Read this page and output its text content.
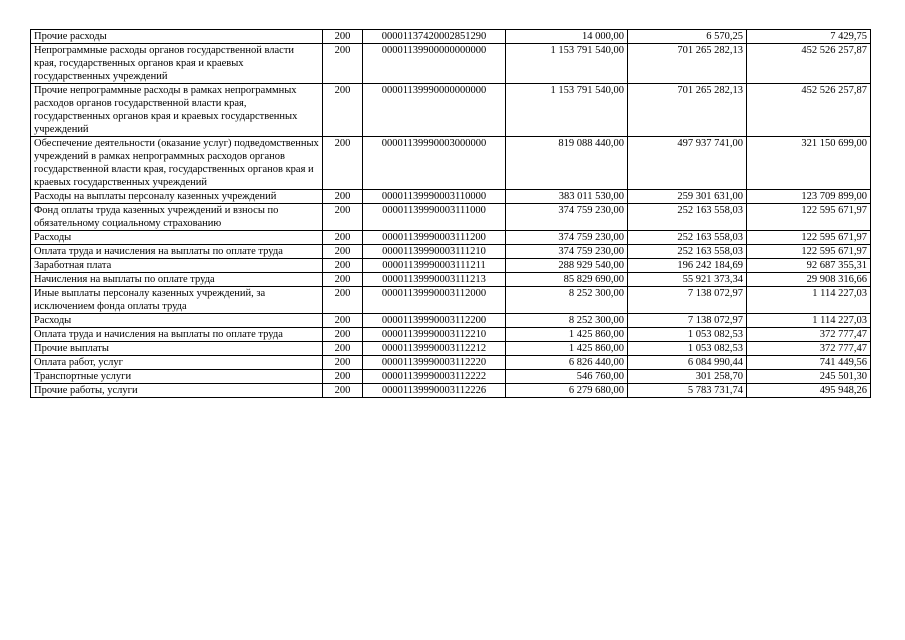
Прочие расходы	200	00001137420002851290	14 000,00	6 570,25	7 429,75
Непрограммные расходы органов государственной власти края, государственных органов края и краевых государственных учреждений	200	00001139900000000000	1 153 791 540,00	701 265 282,13	452 526 257,87
Прочие непрограммные расходы в рамках непрограммных расходов органов государственной власти края, государственных органов края и краевых государственных учреждений	200	00001139990000000000	1 153 791 540,00	701 265 282,13	452 526 257,87
Обеспечение деятельности (оказание услуг) подведомственных учреждений в рамках непрограммных расходов органов государственной власти края, государственных органов края и краевых государственных учреждений	200	00001139990003000000	819 088 440,00	497 937 741,00	321 150 699,00
Расходы на выплаты персоналу казенных учреждений	200	00001139990003110000	383 011 530,00	259 301 631,00	123 709 899,00
Фонд оплаты труда казенных учреждений и взносы по обязательному социальному страхованию	200	00001139990003111000	374 759 230,00	252 163 558,03	122 595 671,97
Расходы	200	00001139990003111200	374 759 230,00	252 163 558,03	122 595 671,97
Оплата труда и начисления на выплаты по оплате труда	200	00001139990003111210	374 759 230,00	252 163 558,03	122 595 671,97
Заработная плата	200	00001139990003111211	288 929 540,00	196 242 184,69	92 687 355,31
Начисления на выплаты по оплате труда	200	00001139990003111213	85 829 690,00	55 921 373,34	29 908 316,66
Иные выплаты персоналу казенных учреждений, за исключением фонда оплаты труда	200	00001139990003112000	8 252 300,00	7 138 072,97	1 114 227,03
Расходы	200	00001139990003112200	8 252 300,00	7 138 072,97	1 114 227,03
Оплата труда и начисления на выплаты по оплате труда	200	00001139990003112210	1 425 860,00	1 053 082,53	372 777,47
Прочие выплаты	200	00001139990003112212	1 425 860,00	1 053 082,53	372 777,47
Оплата работ, услуг	200	00001139990003112220	6 826 440,00	6 084 990,44	741 449,56
Транспортные услуги	200	00001139990003112222	546 760,00	301 258,70	245 501,30
Прочие работы, услуги	200	00001139990003112226	6 279 680,00	5 783 731,74	495 948,26
